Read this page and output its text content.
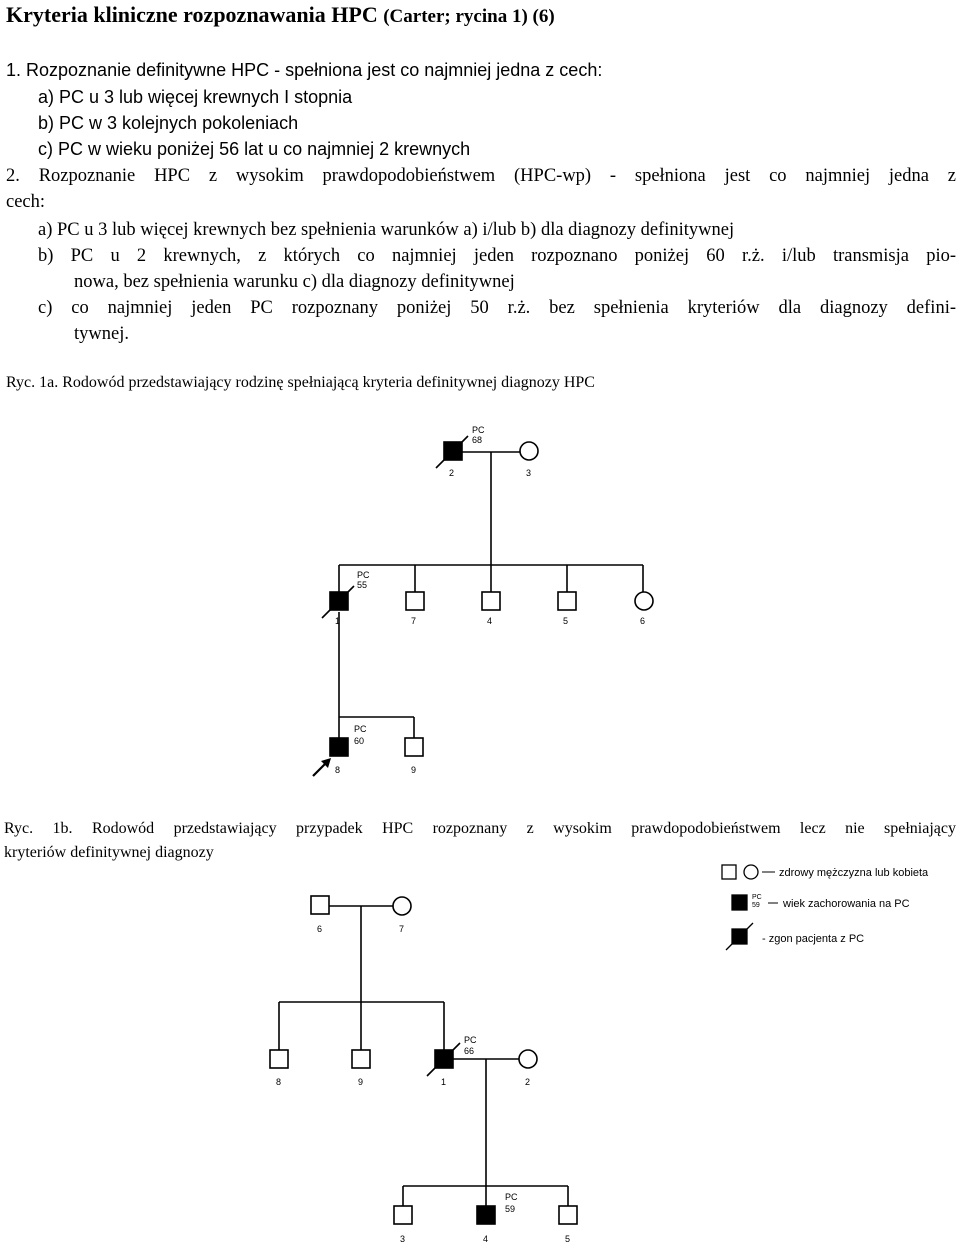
Kryteria kliniczne rozpoznawania HPC (Carter; rycina 1) (6)
1. Rozpoznanie definitywne HPC - spełniona jest co najmniej jedna z cech:
a) PC u 3 lub więcej krewnych I stopnia
b) PC w 3 kolejnych pokoleniach
c) PC w wieku poniżej 56 lat u co najmniej 2 krewnych
2. Rozpoznanie HPC z wysokim prawdopodobieństwem (HPC-wp) - spełniona jest co najmniej jedna z
cech:
a) PC u 3 lub więcej krewnych bez spełnienia warunków a) i/lub b) dla diagnozy definitywnej
b) PC u 2 krewnych, z których co najmniej jeden rozpoznano poniżej 60 r.ż. i/lub transmisja pio-
nowa, bez spełnienia warunku c) dla diagnozy definitywnej
c) co najmniej jeden PC rozpoznany poniżej 50 r.ż. bez spełnienia kryteriów dla diagnozy defini-
tywnej.
Ryc. 1a. Rodowód przedstawiający rodzinę spełniającą kryteria definitywnej diagnozy HPC
PC
68
2	3
PC
55
1	7	4	5	6
PC
60
8	9
Ryc. 1b. Rodowód przedstawiający przypadek HPC rozpoznany z wysokim prawdopodobieństwem lecz nie spełniający
kryteriów definitywnej diagnozy
zdrowy mężczyzna lub kobieta
PC
59 wiek zachorowania na PC
- zgon pacjenta z PC
6	7
8	9
PC
66
1	2
PC
59
3	4	5
